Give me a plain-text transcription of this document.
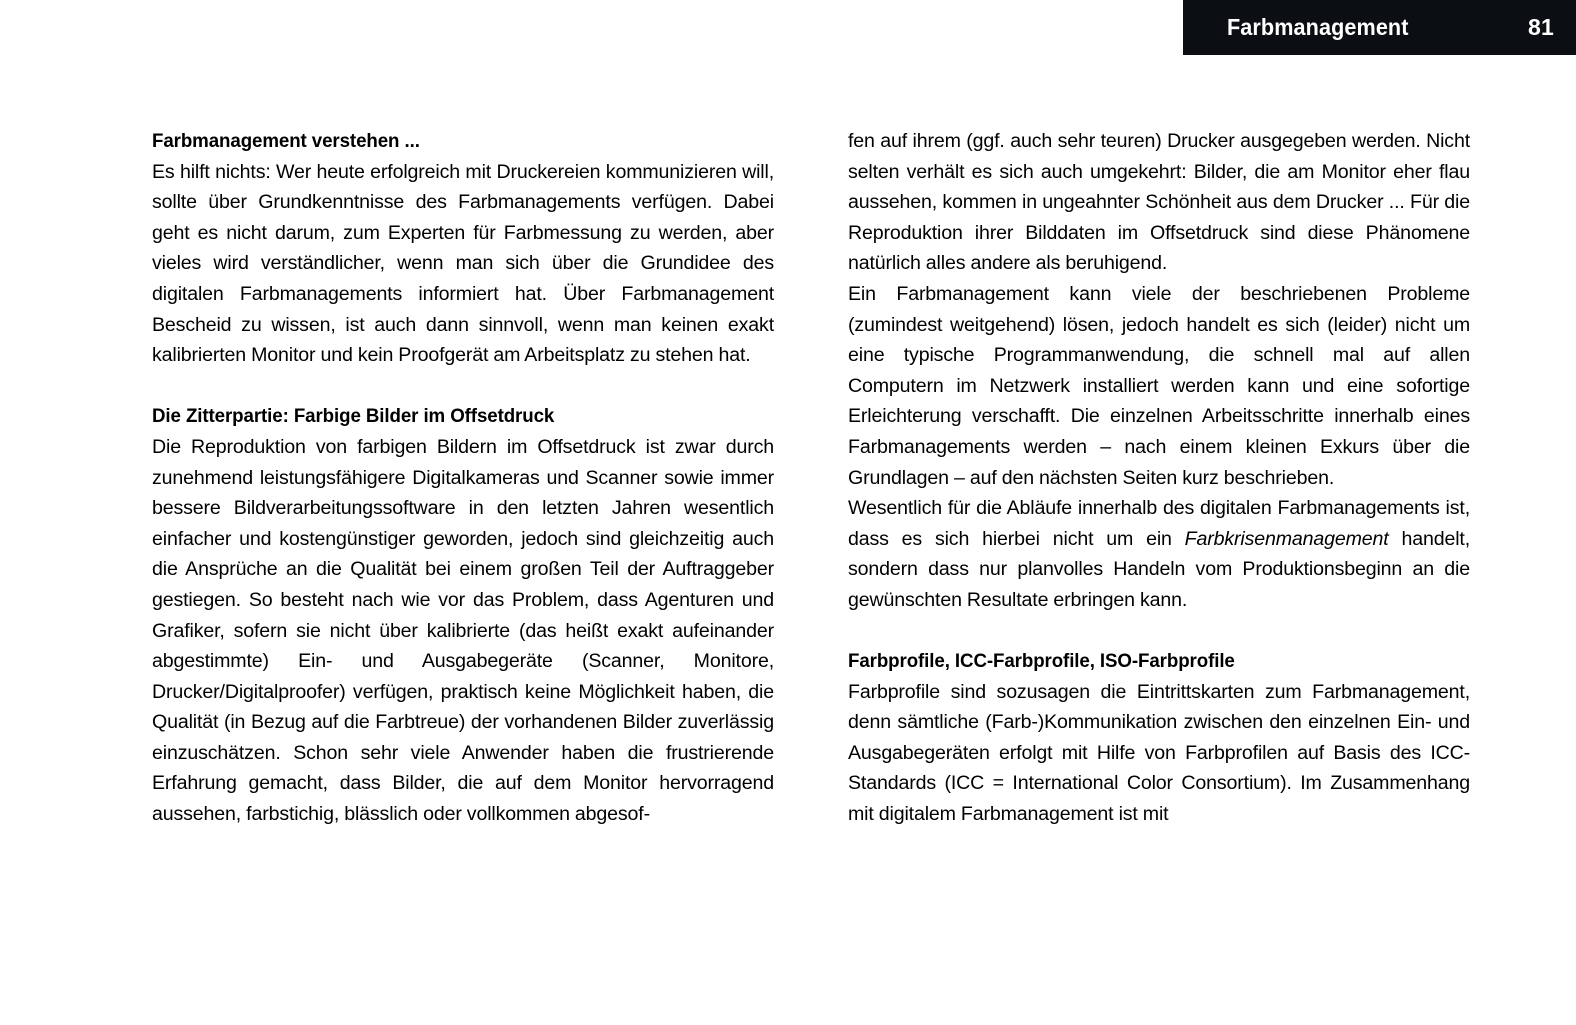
Farbmanagement	81
Farbmanagement verstehen ...

Es hilft nichts: Wer heute erfolgreich mit Druckereien kommunizieren will, sollte über Grundkenntnisse des Farbmanagements verfügen. Dabei geht es nicht darum, zum Experten für Farbmessung zu werden, aber vieles wird verständlicher, wenn man sich über die Grundidee des digitalen Farbmanagements informiert hat. Über Farbmanagement Bescheid zu wissen, ist auch dann sinnvoll, wenn man keinen exakt kalibrierten Monitor und kein Proofgerät am Arbeitsplatz zu stehen hat.

Die Zitterpartie: Farbige Bilder im Offsetdruck

Die Reproduktion von farbigen Bildern im Offsetdruck ist zwar durch zunehmend leistungsfähigere Digitalkameras und Scanner sowie immer bessere Bildverarbeitungssoftware in den letzten Jahren wesentlich einfacher und kostengünstiger geworden, jedoch sind gleichzeitig auch die Ansprüche an die Qualität bei einem großen Teil der Auftraggeber gestiegen. So besteht nach wie vor das Problem, dass Agenturen und Grafiker, sofern sie nicht über kalibrierte (das heißt exakt aufeinander abgestimmte) Ein- und Ausgabegeräte (Scanner, Monitore, Drucker/Digitalproofer) verfügen, praktisch keine Möglichkeit haben, die Qualität (in Bezug auf die Farbtreue) der vorhandenen Bilder zuverlässig einzuschätzen. Schon sehr viele Anwender haben die frustrierende Erfahrung gemacht, dass Bilder, die auf dem Monitor hervorragend aussehen, farbstichig, blässlich oder vollkommen abgesof-

fen auf ihrem (ggf. auch sehr teuren) Drucker ausgegeben werden. Nicht selten verhält es sich auch umgekehrt: Bilder, die am Monitor eher flau aussehen, kommen in ungeahnter Schönheit aus dem Drucker ... Für die Reproduktion ihrer Bilddaten im Offsetdruck sind diese Phänomene natürlich alles andere als beruhigend.

Ein Farbmanagement kann viele der beschriebenen Probleme (zumindest weitgehend) lösen, jedoch handelt es sich (leider) nicht um eine typische Programmanwendung, die schnell mal auf allen Computern im Netzwerk installiert werden kann und eine sofortige Erleichterung verschafft. Die einzelnen Arbeitsschritte innerhalb eines Farbmanagements werden – nach einem kleinen Exkurs über die Grundlagen – auf den nächsten Seiten kurz beschrieben.

Wesentlich für die Abläufe innerhalb des digitalen Farbmanagements ist, dass es sich hierbei nicht um ein Farbkrisenmanagement handelt, sondern dass nur planvolles Handeln vom Produktionsbeginn an die gewünschten Resultate erbringen kann.

Farbprofile, ICC-Farbprofile, ISO-Farbprofile

Farbprofile sind sozusagen die Eintrittskarten zum Farbmanagement, denn sämtliche (Farb-)Kommunikation zwischen den einzelnen Ein- und Ausgabegeräten erfolgt mit Hilfe von Farbprofilen auf Basis des ICC-Standards (ICC = International Color Consortium). Im Zusammenhang mit digitalem Farbmanagement ist mit
